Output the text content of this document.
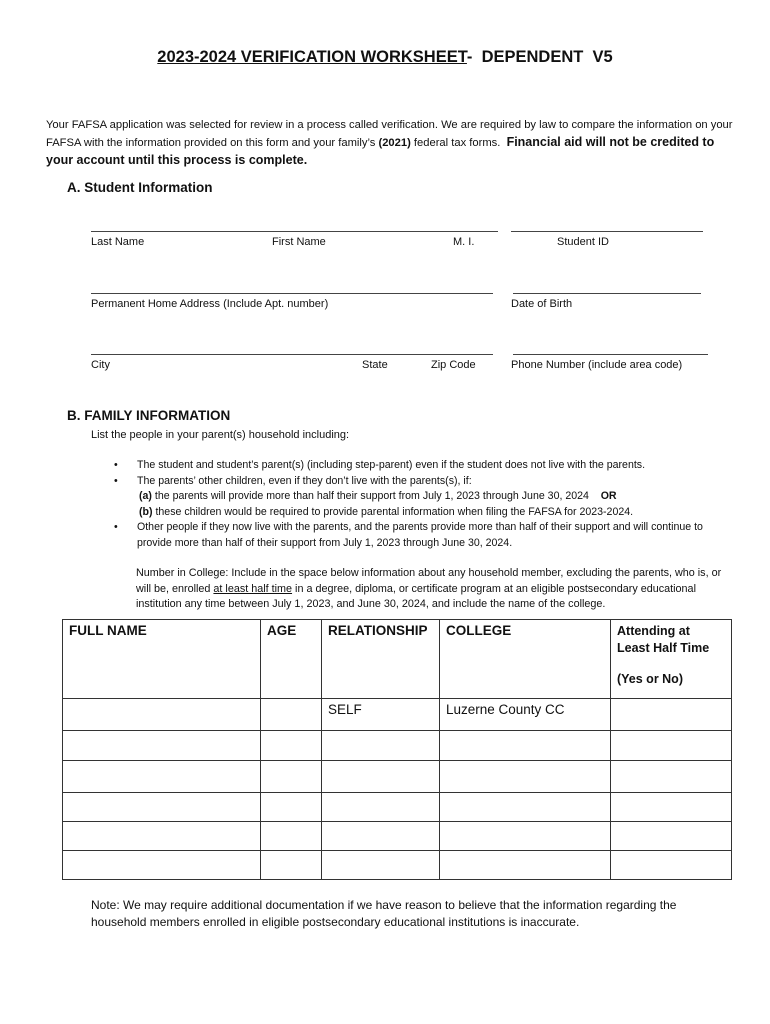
2023-2024 VERIFICATION WORKSHEET-  DEPENDENT  V5
Your FAFSA application was selected for review in a process called verification. We are required by law to compare the information on your FAFSA with the information provided on this form and your family’s (2021) federal tax forms.  Financial aid will not be credited to your account until this process is complete.
A. Student Information
Last Name	First Name	M. I.	Student ID
Permanent Home Address (Include Apt. number)	Date of Birth
City	State	Zip Code	Phone Number (include area code)
B. FAMILY INFORMATION
List the people in your parent(s) household including:
• The student and student’s parent(s) (including step-parent) even if the student does not live with the parents.
• The parents’ other children, even if they don’t live with the parents(s), if:
(a) the parents will provide more than half their support from July 1, 2023 through June 30, 2024    OR
(b) these children would be required to provide parental information when filing the FAFSA for 2023-2024.
• Other people if they now live with the parents, and the parents provide more than half of their support and will continue to provide more than half of their support from July 1, 2023 through June 30, 2024.
Number in College: Include in the space below information about any household member, excluding the parents, who is, or will be, enrolled at least half time in a degree, diploma, or certificate program at an eligible postsecondary educational institution any time between July 1, 2023, and June 30, 2024, and include the name of the college.
FULL NAME	AGE	RELATIONSHIP	COLLEGE	Attending at Least Half Time
(Yes or No)

		SELF	Luzerne County CC	

Note: We may require additional documentation if we have reason to believe that the information regarding the household members enrolled in eligible postsecondary educational institutions is inaccurate.
